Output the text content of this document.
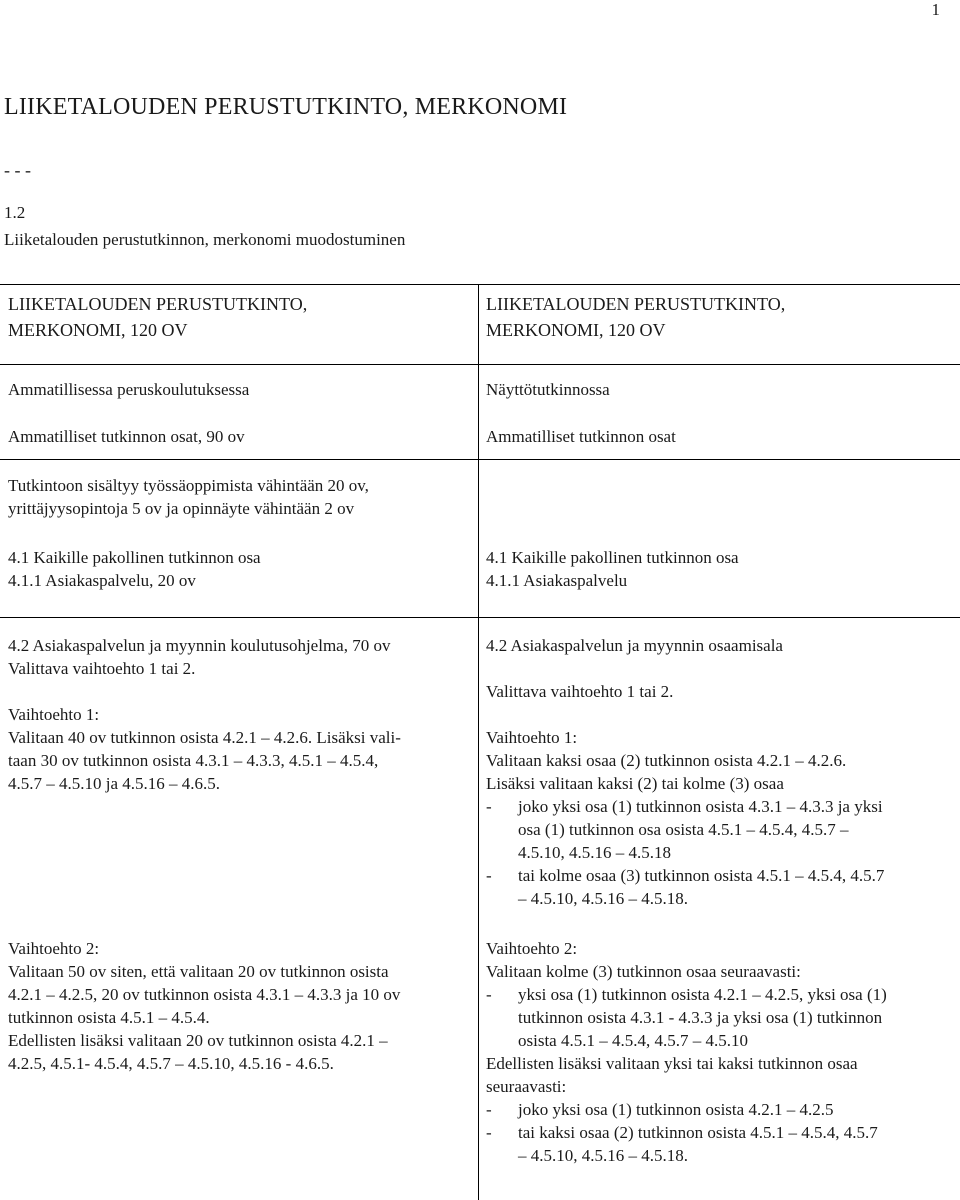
1
LIIKETALOUDEN PERUSTUTKINTO, MERKONOMI
- - -
1.2
Liiketalouden perustutkinnon, merkonomi muodostuminen
LIIKETALOUDEN PERUSTUTKINTO,
MERKONOMI, 120 OV
Ammatillisessa peruskoulutuksessa
Ammatilliset tutkinnon osat, 90 ov
Tutkintoon sisältyy työssäoppimista vähintään 20 ov,
yrittäjyysopintoja 5 ov ja opinnäyte vähintään 2 ov
4.1 Kaikille pakollinen tutkinnon osa
4.1.1 Asiakaspalvelu, 20 ov
4.2 Asiakaspalvelun ja myynnin koulutusohjelma, 70 ov
Valittava vaihtoehto 1 tai 2.
Vaihtoehto 1:
Valitaan 40 ov tutkinnon osista 4.2.1 – 4.2.6. Lisäksi vali-
taan 30 ov tutkinnon osista 4.3.1 – 4.3.3, 4.5.1 – 4.5.4,
4.5.7 – 4.5.10 ja 4.5.16 – 4.6.5.
Vaihtoehto 2:
Valitaan 50 ov siten, että valitaan 20 ov tutkinnon osista
4.2.1 – 4.2.5, 20 ov tutkinnon osista 4.3.1 – 4.3.3 ja 10 ov
tutkinnon osista 4.5.1 – 4.5.4.
Edellisten lisäksi valitaan 20 ov tutkinnon osista 4.2.1 –
4.2.5, 4.5.1- 4.5.4, 4.5.7 – 4.5.10, 4.5.16 - 4.6.5.
LIIKETALOUDEN PERUSTUTKINTO,
MERKONOMI, 120 OV
Näyttötutkinnossa
Ammatilliset tutkinnon osat
4.1 Kaikille pakollinen tutkinnon osa
4.1.1 Asiakaspalvelu
4.2 Asiakaspalvelun ja myynnin osaamisala
Valittava vaihtoehto 1 tai 2.
Vaihtoehto 1:
Valitaan kaksi osaa (2) tutkinnon osista 4.2.1 – 4.2.6.
Lisäksi valitaan kaksi (2) tai kolme (3) osaa
- joko yksi osa (1) tutkinnon osista 4.3.1 – 4.3.3 ja yksi
osa (1) tutkinnon osa osista 4.5.1 – 4.5.4, 4.5.7 –
4.5.10, 4.5.16 – 4.5.18
- tai kolme osaa (3) tutkinnon osista 4.5.1 – 4.5.4, 4.5.7
– 4.5.10, 4.5.16 – 4.5.18.
Vaihtoehto 2:
Valitaan kolme (3) tutkinnon osaa seuraavasti:
- yksi osa (1) tutkinnon osista 4.2.1 – 4.2.5, yksi osa (1)
tutkinnon osista 4.3.1 - 4.3.3 ja yksi osa (1) tutkinnon
osista 4.5.1 – 4.5.4, 4.5.7 – 4.5.10
Edellisten lisäksi valitaan yksi tai kaksi tutkinnon osaa
seuraavasti:
- joko yksi osa (1) tutkinnon osista 4.2.1 – 4.2.5
- tai kaksi osaa (2) tutkinnon osista 4.5.1 – 4.5.4, 4.5.7
– 4.5.10, 4.5.16 – 4.5.18.
